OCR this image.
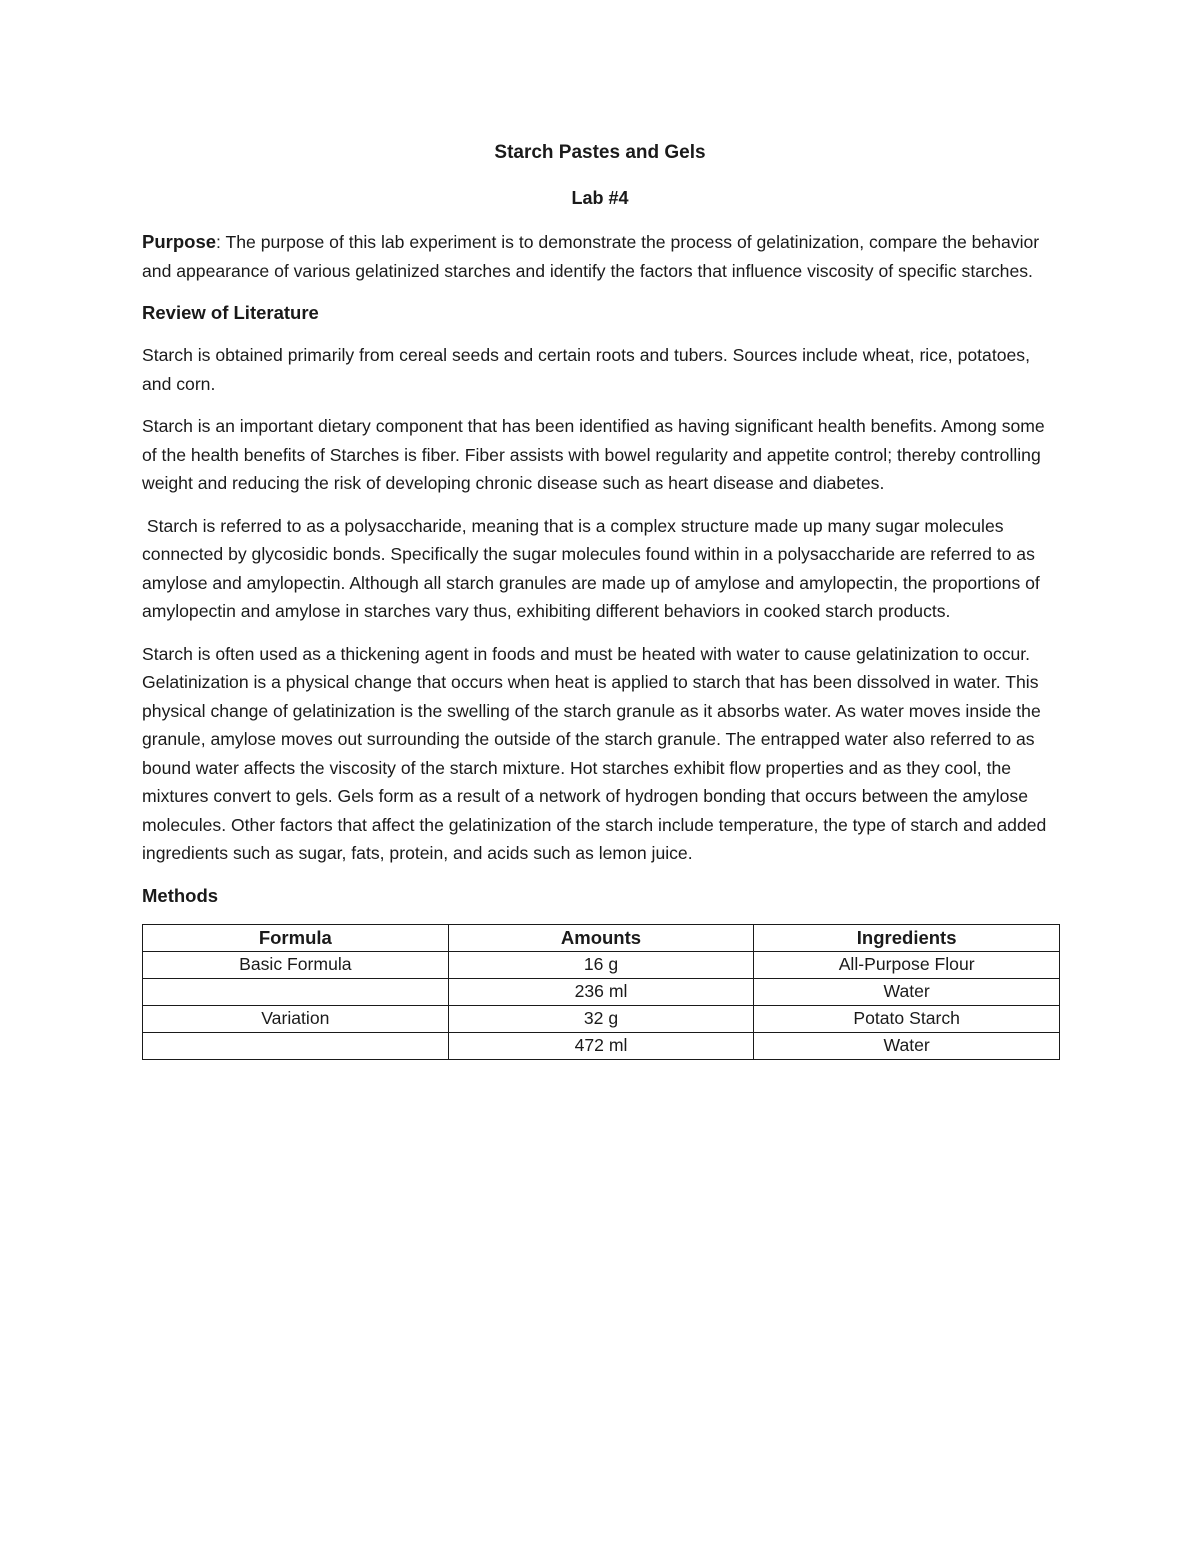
Starch Pastes and Gels
Lab #4

Purpose: The purpose of this lab experiment is to demonstrate the process of gelatinization, compare the behavior and appearance of various gelatinized starches and identify the factors that influence viscosity of specific starches.

Review of Literature

Starch is obtained primarily from cereal seeds and certain roots and tubers. Sources include wheat, rice, potatoes, and corn.

Starch is an important dietary component that has been identified as having significant health benefits. Among some of the health benefits of Starches is fiber. Fiber assists with bowel regularity and appetite control; thereby controlling weight and reducing the risk of developing chronic disease such as heart disease and diabetes.

Starch is referred to as a polysaccharide, meaning that is a complex structure made up many sugar molecules connected by glycosidic bonds. Specifically the sugar molecules found within in a polysaccharide are referred to as amylose and amylopectin. Although all starch granules are made up of amylose and amylopectin, the proportions of amylopectin and amylose in starches vary thus, exhibiting different behaviors in cooked starch products.

Starch is often used as a thickening agent in foods and must be heated with water to cause gelatinization to occur. Gelatinization is a physical change that occurs when heat is applied to starch that has been dissolved in water. This physical change of gelatinization is the swelling of the starch granule as it absorbs water. As water moves inside the granule, amylose moves out surrounding the outside of the starch granule. The entrapped water also referred to as bound water affects the viscosity of the starch mixture. Hot starches exhibit flow properties and as they cool, the mixtures convert to gels. Gels form as a result of a network of hydrogen bonding that occurs between the amylose molecules. Other factors that affect the gelatinization of the starch include temperature, the type of starch and added ingredients such as sugar, fats, protein, and acids such as lemon juice.

Methods
Formula	Amounts	Ingredients
Basic Formula	16 g	All-Purpose Flour
	236 ml	Water
Variation	32 g	Potato Starch
	472 ml	Water
